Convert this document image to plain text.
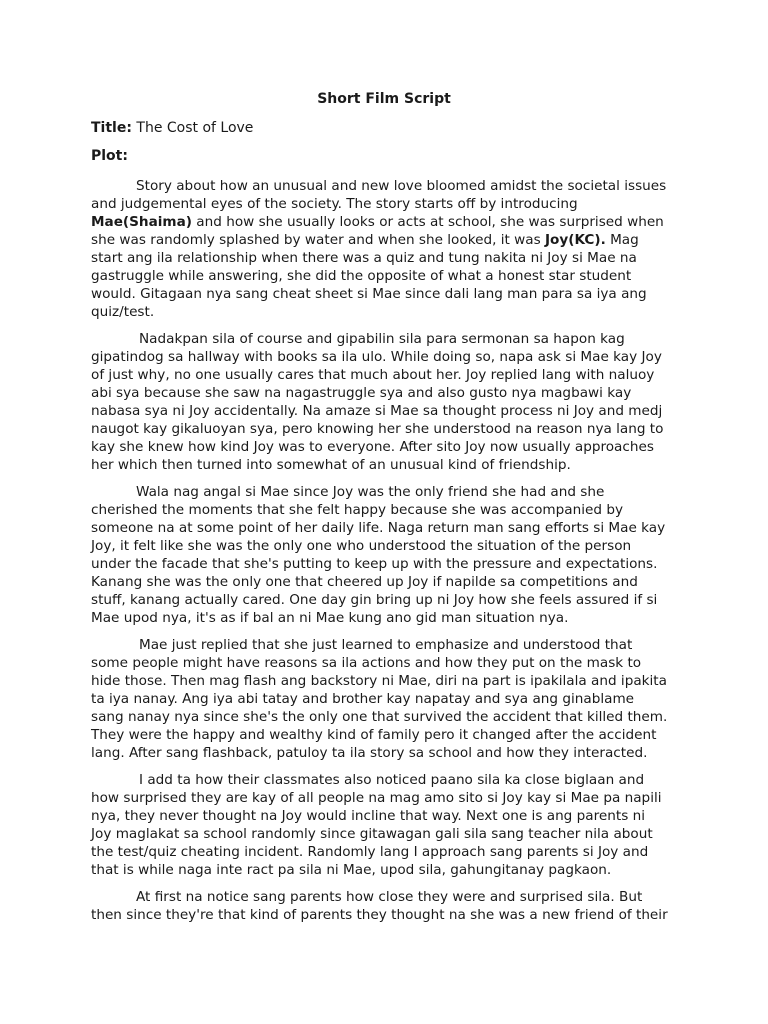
Short Film Script
Title: The Cost of Love
Plot:
Story about how an unusual and new love bloomed amidst the societal issues
and judgemental eyes of the society. The story starts off by introducing
Mae(Shaima) and how she usually looks or acts at school, she was surprised when
she was randomly splashed by water and when she looked, it was Joy(KC). Mag
start ang ila relationship when there was a quiz and tung nakita ni Joy si Mae na
gastruggle while answering, she did the opposite of what a honest star student
would. Gitagaan nya sang cheat sheet si Mae since dali lang man para sa iya ang
quiz/test.
Nadakpan sila of course and gipabilin sila para sermonan sa hapon kag
gipatindog sa hallway with books sa ila ulo. While doing so, napa ask si Mae kay Joy
of just why, no one usually cares that much about her. Joy replied lang with naluoy
abi sya because she saw na nagastruggle sya and also gusto nya magbawi kay
nabasa sya ni Joy accidentally. Na amaze si Mae sa thought process ni Joy and medj
naugot kay gikaluoyan sya, pero knowing her she understood na reason nya lang to
kay she knew how kind Joy was to everyone. After sito Joy now usually approaches
her which then turned into somewhat of an unusual kind of friendship.
Wala nag angal si Mae since Joy was the only friend she had and she
cherished the moments that she felt happy because she was accompanied by
someone na at some point of her daily life. Naga return man sang efforts si Mae kay
Joy, it felt like she was the only one who understood the situation of the person
under the facade that she's putting to keep up with the pressure and expectations.
Kanang she was the only one that cheered up Joy if napilde sa competitions and
stuff, kanang actually cared. One day gin bring up ni Joy how she feels assured if si
Mae upod nya, it's as if bal an ni Mae kung ano gid man situation nya.
Mae just replied that she just learned to emphasize and understood that
some people might have reasons sa ila actions and how they put on the mask to
hide those. Then mag flash ang backstory ni Mae, diri na part is ipakilala and ipakita
ta iya nanay. Ang iya abi tatay and brother kay napatay and sya ang ginablame
sang nanay nya since she's the only one that survived the accident that killed them.
They were the happy and wealthy kind of family pero it changed after the accident
lang. After sang flashback, patuloy ta ila story sa school and how they interacted.
I add ta how their classmates also noticed paano sila ka close biglaan and
how surprised they are kay of all people na mag amo sito si Joy kay si Mae pa napili
nya, they never thought na Joy would incline that way. Next one is ang parents ni
Joy maglakat sa school randomly since gitawagan gali sila sang teacher nila about
the test/quiz cheating incident. Randomly lang I approach sang parents si Joy and
that is while naga inte ract pa sila ni Mae, upod sila, gahungitanay pagkaon.
At first na notice sang parents how close they were and surprised sila. But
then since they're that kind of parents they thought na she was a new friend of their
